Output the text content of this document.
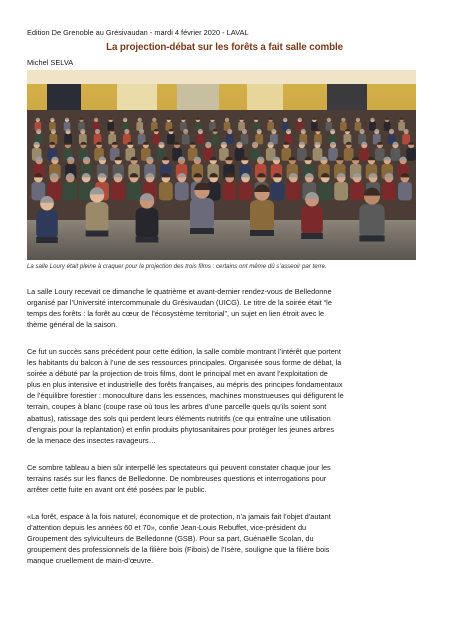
Edition De Grenoble au Grésivaudan - mardi 4 février 2020 - LAVAL
La projection-débat sur les forêts a fait salle comble
Michel SELVA
La salle Loury était pleine à craquer pour la projection des trois films : certains ont même dû s’asseoir par terre.
La salle Loury recevait ce dimanche le quatrième et avant-dernier rendez-vous de Belledonne
organisé par l’Université intercommunale du Grésivaudan (UICG). Le titre de la soirée était “le
temps des forêts : la forêt au cœur de l’écosystème territorial”, un sujet en lien étroit avec le
thème général de la saison.
Ce fut un succès sans précédent pour cette édition, la salle comble montrant l’intérêt que portent
les habitants du balcon à l’une de ses ressources principales. Organisée sous forme de débat, la
soirée a débuté par la projection de trois films, dont le principal met en avant l’exploitation de
plus en plus intensive et industrielle des forêts françaises, au mépris des principes fondamentaux
de l’équilibre forestier : monoculture dans les essences, machines monstrueuses qui défigurent le
terrain, coupes à blanc (coupe rase où tous les arbres d’une parcelle quels qu’ils soient sont
abattus), ratissage des sols qui perdent leurs éléments nutritifs (ce qui entraîne une utilisation
d’engrais pour la replantation) et enfin produits phytosanitaires pour protéger les jeunes arbres
de la menace des insectes ravageurs…
Ce sombre tableau a bien sûr interpellé les spectateurs qui peuvent constater chaque jour les
terrains rasés sur les flancs de Belledonne. De nombreuses questions et interrogations pour
arrêter cette fuite en avant ont été posées par le public.
«La forêt, espace à la fois naturel, économique et de protection, n’a jamais fait l’objet d’autant
d’attention depuis les années 60 et 70», confie Jean-Louis Rebuffet, vice-président du
Groupement des sylviculteurs de Belledonne (GSB). Pour sa part, Guénaëlle Scolan, du
groupement des professionnels de la filière bois (Fibois) de l’Isère, souligne que la filière bois
manque cruellement de main-d’œuvre.
